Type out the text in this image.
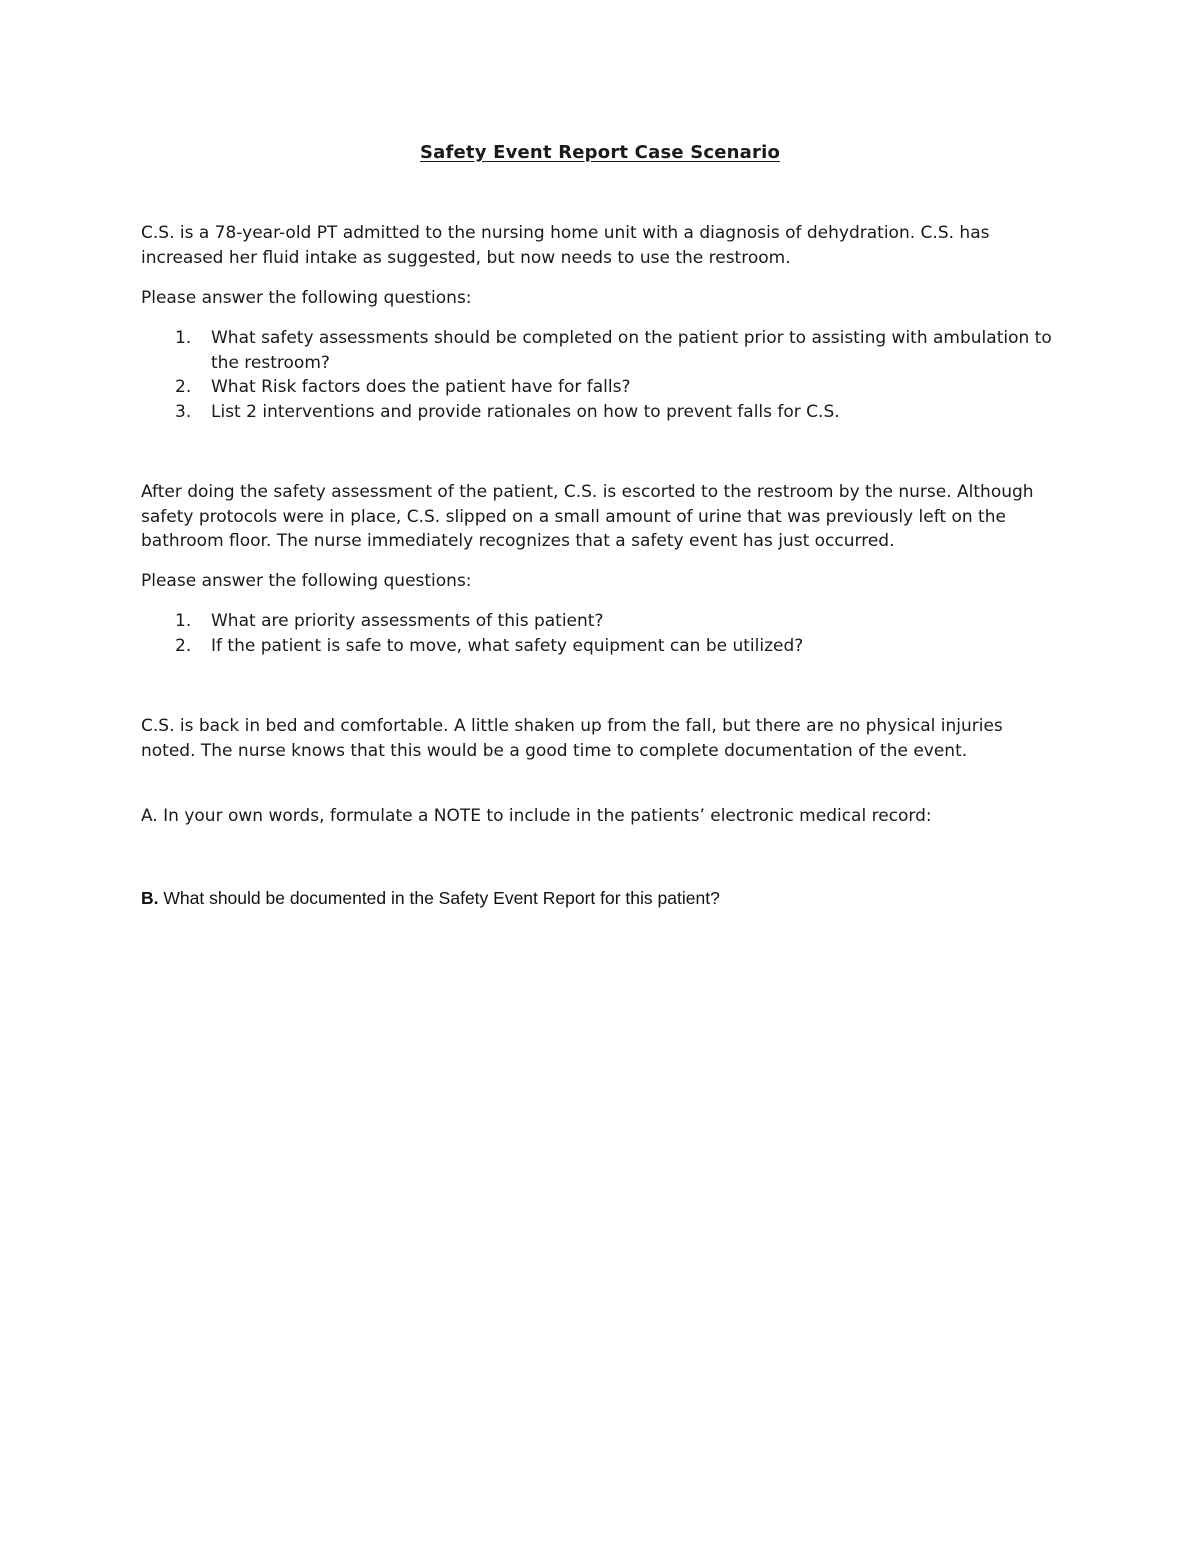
Safety Event Report Case Scenario

C.S. is a 78-year-old PT admitted to the nursing home unit with a diagnosis of dehydration. C.S. has increased her fluid intake as suggested, but now needs to use the restroom.

Please answer the following questions:

1. What safety assessments should be completed on the patient prior to assisting with ambulation to the restroom?
2. What Risk factors does the patient have for falls?
3. List 2 interventions and provide rationales on how to prevent falls for C.S.

After doing the safety assessment of the patient, C.S. is escorted to the restroom by the nurse. Although safety protocols were in place, C.S. slipped on a small amount of urine that was previously left on the bathroom floor. The nurse immediately recognizes that a safety event has just occurred.

Please answer the following questions:

1. What are priority assessments of this patient?
2. If the patient is safe to move, what safety equipment can be utilized?

C.S. is back in bed and comfortable. A little shaken up from the fall, but there are no physical injuries noted. The nurse knows that this would be a good time to complete documentation of the event.

A. In your own words, formulate a NOTE to include in the patients’ electronic medical record:

B. What should be documented in the Safety Event Report for this patient?
